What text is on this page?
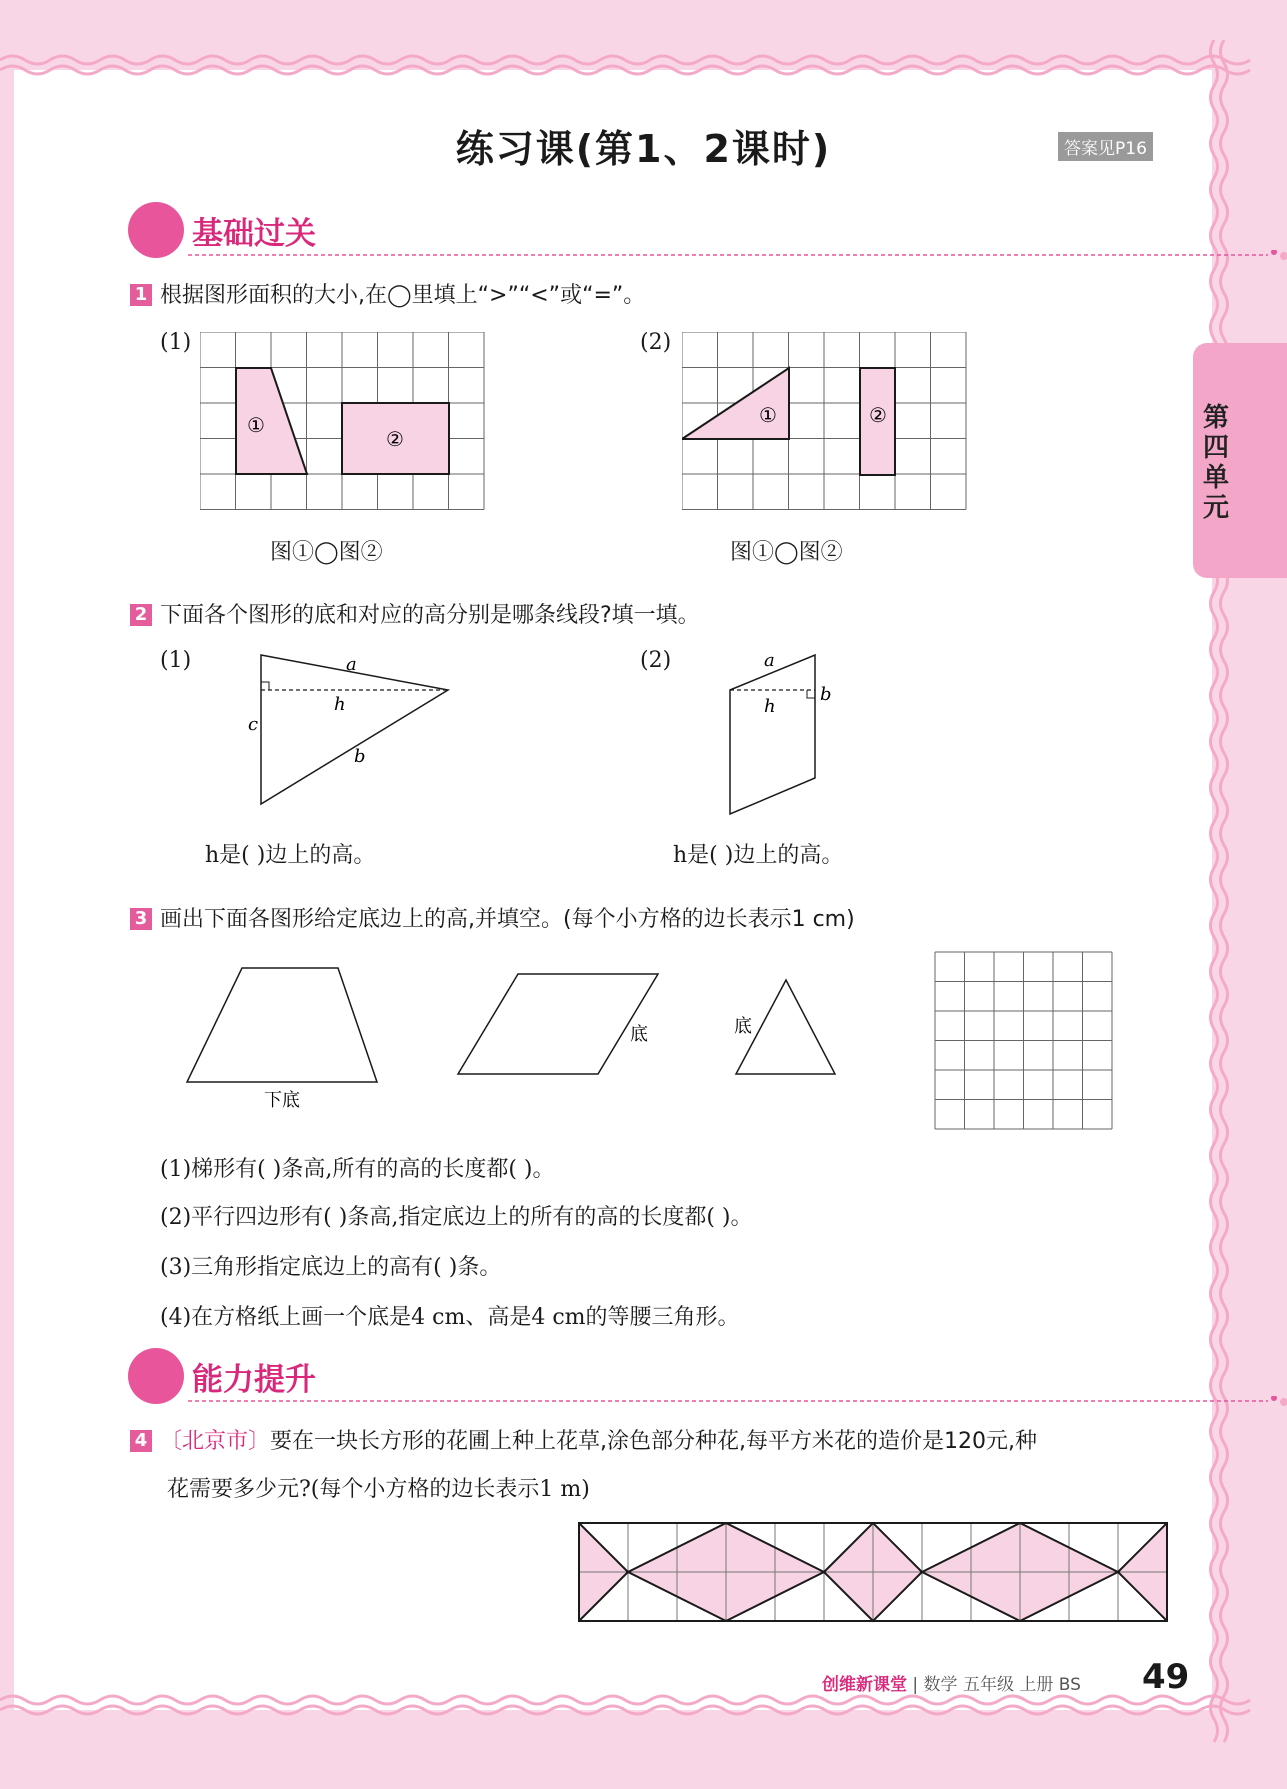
练习课(第1、2课时)	答案见P16
第四单元
基础过关
1 根据图形面积的大小,在◯里填上“>”“<”或“=”。
(1)	(2)
①
②
①	②
图①◯图②	图①◯图②
2 下面各个图形的底和对应的高分别是哪条线段?填一填。
(1)	(2)
a
h
c
b
a
h
b
h是( )边上的高。	h是( )边上的高。
3 画出下面各图形给定底边上的高,并填空。(每个小方格的边长表示1 cm)
下底
底	底
(1)梯形有( )条高,所有的高的长度都( )。
(2)平行四边形有( )条高,指定底边上的所有的高的长度都( )。
(3)三角形指定底边上的高有( )条。
(4)在方格纸上画一个底是4 cm、高是4 cm的等腰三角形。
能力提升
4 〔北京市〕要在一块长方形的花圃上种上花草,涂色部分种花,每平方米花的造价是120元,种
花需要多少元?(每个小方格的边长表示1 m)
创维新课堂 | 数学 五年级 上册 BS 49
